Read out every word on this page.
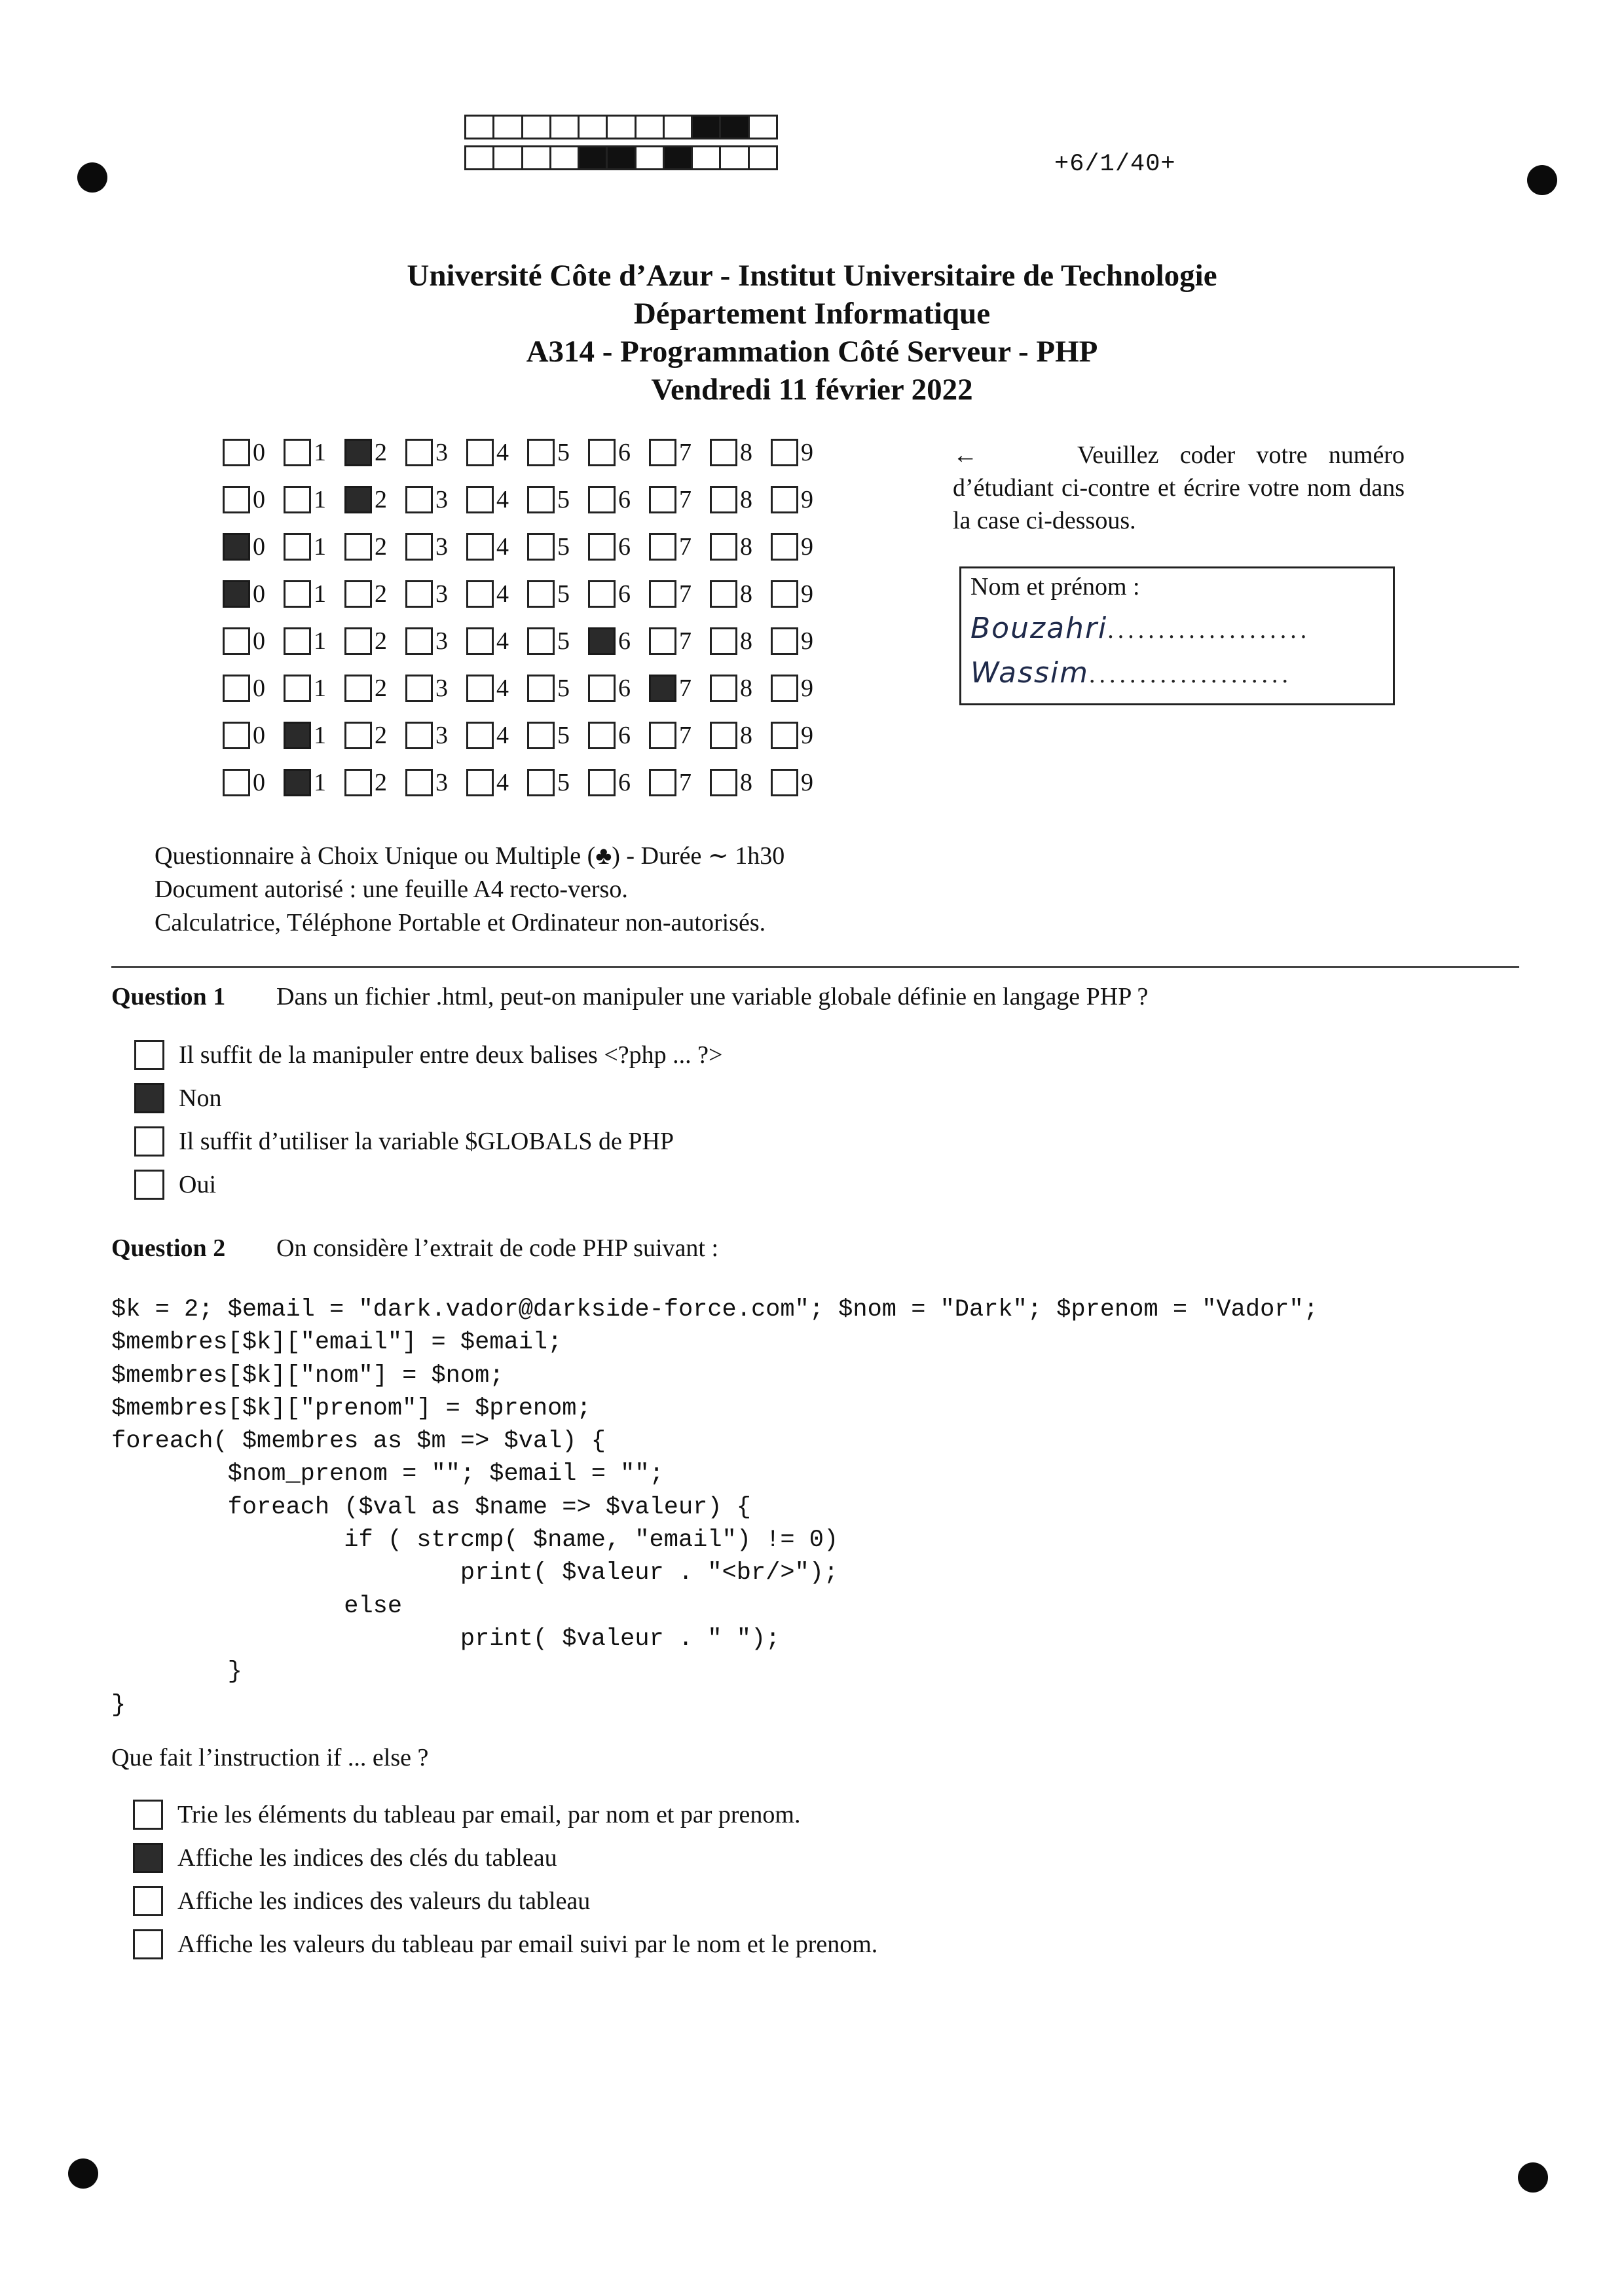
+6/1/40+
Université Côte d’Azur - Institut Universitaire de Technologie
Département Informatique
A314 - Programmation Côté Serveur - PHP
Vendredi 11 février 2022
0 1 2 3 4 5 6 7 8 9
0 1 2 3 4 5 6 7 8 9
0 1 2 3 4 5 6 7 8 9
0 1 2 3 4 5 6 7 8 9
0 1 2 3 4 5 6 7 8 9
0 1 2 3 4 5 6 7 8 9
0 1 2 3 4 5 6 7 8 9
0 1 2 3 4 5 6 7 8 9
←	Veuillez coder votre numéro d’étudiant ci-contre et écrire votre nom dans la case ci-dessous.
Nom et prénom :
Bouzahri....................
Wassim....................
Questionnaire à Choix Unique ou Multiple (♣) - Durée ∼ 1h30
Document autorisé : une feuille A4 recto-verso.
Calculatrice, Téléphone Portable et Ordinateur non-autorisés.
Question 1 Dans un fichier .html, peut-on manipuler une variable globale définie en langage PHP ?
Il suffit de la manipuler entre deux balises <?php ... ?>
Non
Il suffit d’utiliser la variable $GLOBALS de PHP
Oui
Question 2 On considère l’extrait de code PHP suivant :
$k = 2; $email = "dark.vador@darkside-force.com"; $nom = "Dark"; $prenom = "Vador";
$membres[$k]["email"] = $email;
$membres[$k]["nom"] = $nom;
$membres[$k]["prenom"] = $prenom;
foreach( $membres as $m => $val) {
$nom_prenom = ""; $email = "";
foreach ($val as $name => $valeur) {
if ( strcmp( $name, "email") != 0)
print( $valeur . "<br/>");
else
print( $valeur . " ");
}
}
Que fait l’instruction if ... else ?
Trie les éléments du tableau par email, par nom et par prenom.
Affiche les indices des clés du tableau
Affiche les indices des valeurs du tableau
Affiche les valeurs du tableau par email suivi par le nom et le prenom.
